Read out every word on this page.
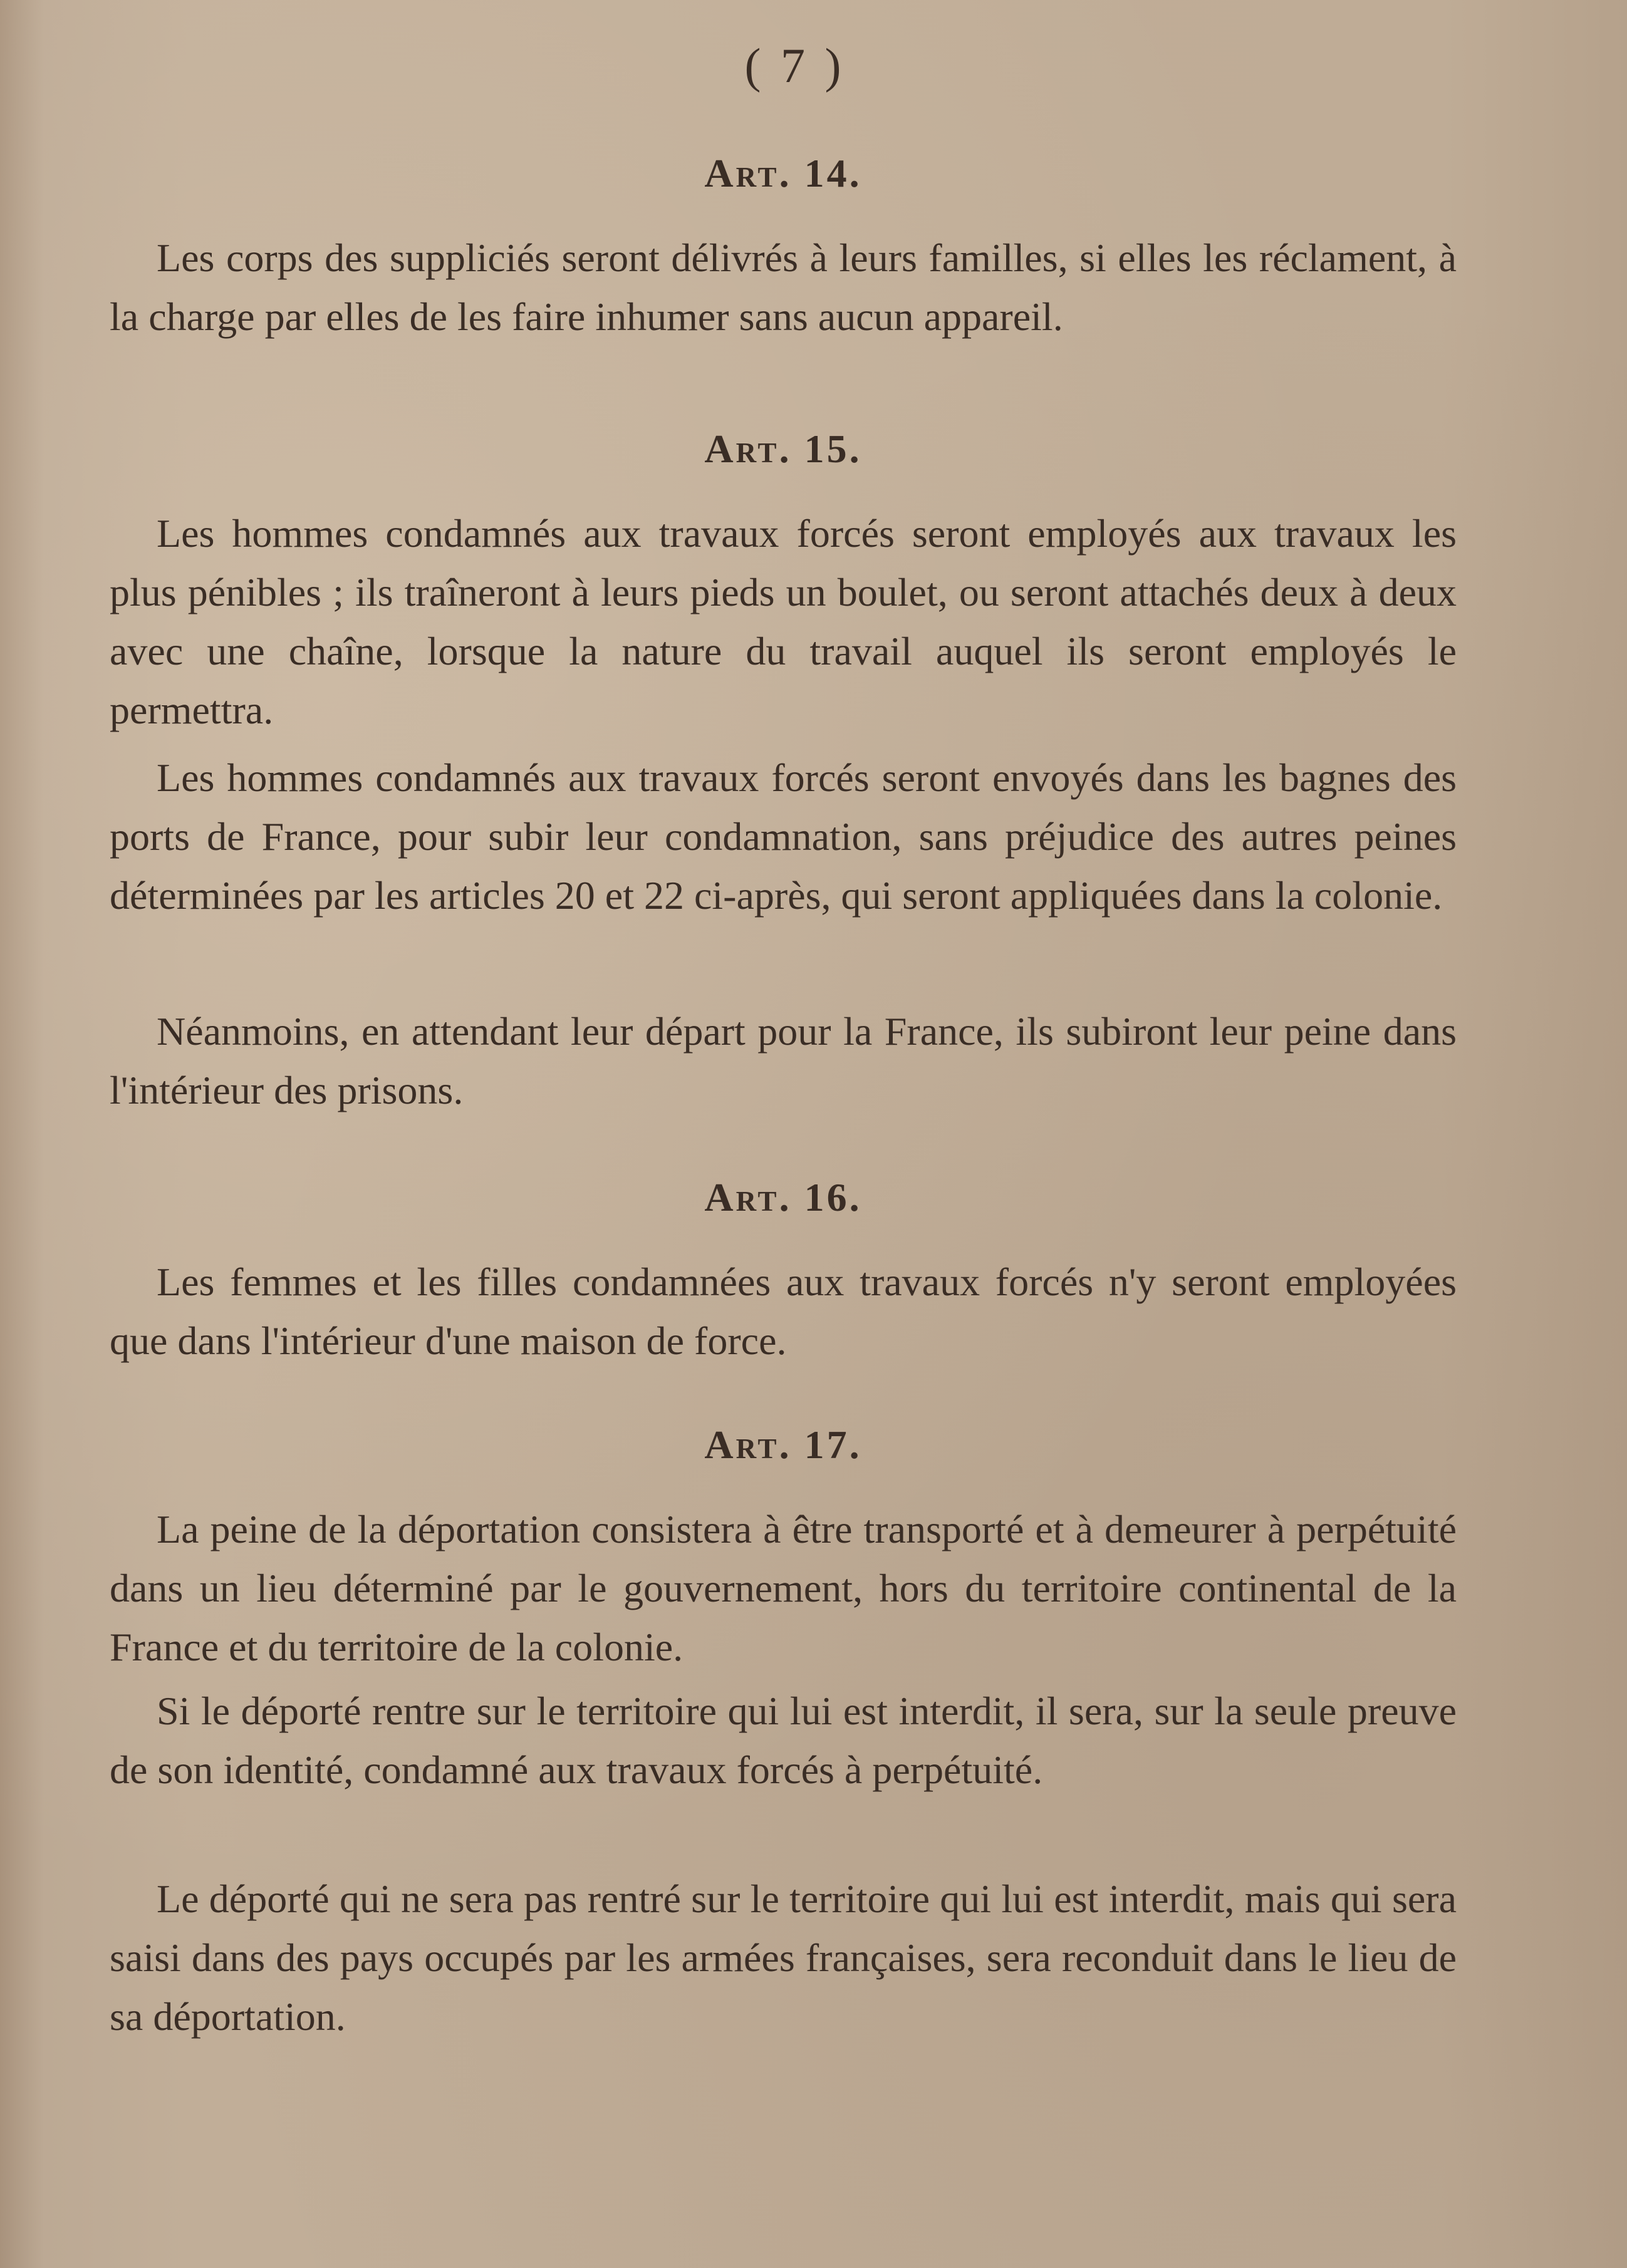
( 7 )
Art. 14.

Les corps des suppliciés seront délivrés à leurs familles, si elles les réclament, à la charge par elles de les faire inhumer sans aucun appareil.

Art. 15.

Les hommes condamnés aux travaux forcés seront employés aux travaux les plus pénibles ; ils traîneront à leurs pieds un boulet, ou seront attachés deux à deux avec une chaîne, lorsque la nature du travail auquel ils seront employés le permettra.

Les hommes condamnés aux travaux forcés seront envoyés dans les bagnes des ports de France, pour subir leur condamnation, sans préjudice des autres peines déterminées par les articles 20 et 22 ci-après, qui seront appliquées dans la colonie.

Néanmoins, en attendant leur départ pour la France, ils subiront leur peine dans l'intérieur des prisons.

Art. 16.

Les femmes et les filles condamnées aux travaux forcés n'y seront employées que dans l'intérieur d'une maison de force.

Art. 17.

La peine de la déportation consistera à être transporté et à demeurer à perpétuité dans un lieu déterminé par le gouvernement, hors du territoire continental de la France et du territoire de la colonie.

Si le déporté rentre sur le territoire qui lui est interdit, il sera, sur la seule preuve de son identité, condamné aux travaux forcés à perpétuité.

Le déporté qui ne sera pas rentré sur le territoire qui lui est interdit, mais qui sera saisi dans des pays occupés par les armées françaises, sera reconduit dans le lieu de sa déportation.
